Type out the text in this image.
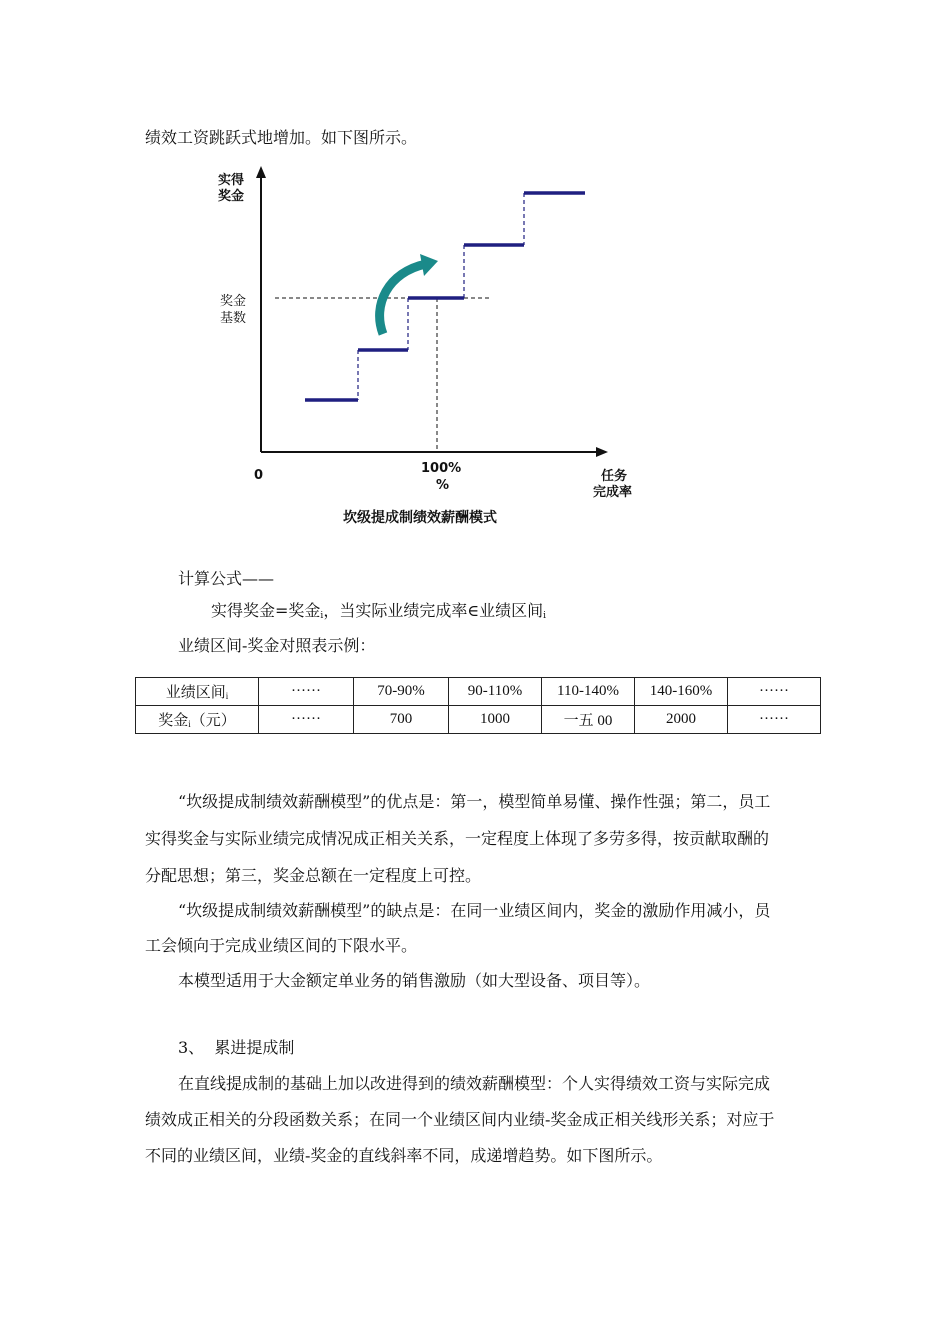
绩效工资跳跃式地增加。如下图所示。
实得
奖金
奖金
基数
0	100%
%
任务
完成率
坎级提成制绩效薪酬模式
计算公式——
实得奖金=奖金$_i$，当实际业绩完成率∈业绩区间$_i$
业绩区间-奖金对照表示例：
业绩区间$_i$	······	70-90%	90-110%	110-140%	140-160%	······
奖金$_i$（元）	······	700	1000	一五 00	2000	······
“坎级提成制绩效薪酬模型”的优点是：第一，模型简单易懂、操作性强；第二，员工
实得奖金与实际业绩完成情况成正相关关系，一定程度上体现了多劳多得，按贡献取酬的
分配思想；第三，奖金总额在一定程度上可控。
“坎级提成制绩效薪酬模型”的缺点是：在同一业绩区间内，奖金的激励作用减小，员
工会倾向于完成业绩区间的下限水平。
本模型适用于大金额定单业务的销售激励（如大型设备、项目等）。
3、  累进提成制
在直线提成制的基础上加以改进得到的绩效薪酬模型：个人实得绩效工资与实际完成
绩效成正相关的分段函数关系；在同一个业绩区间内业绩-奖金成正相关线形关系；对应于
不同的业绩区间，业绩-奖金的直线斜率不同，成递增趋势。如下图所示。
